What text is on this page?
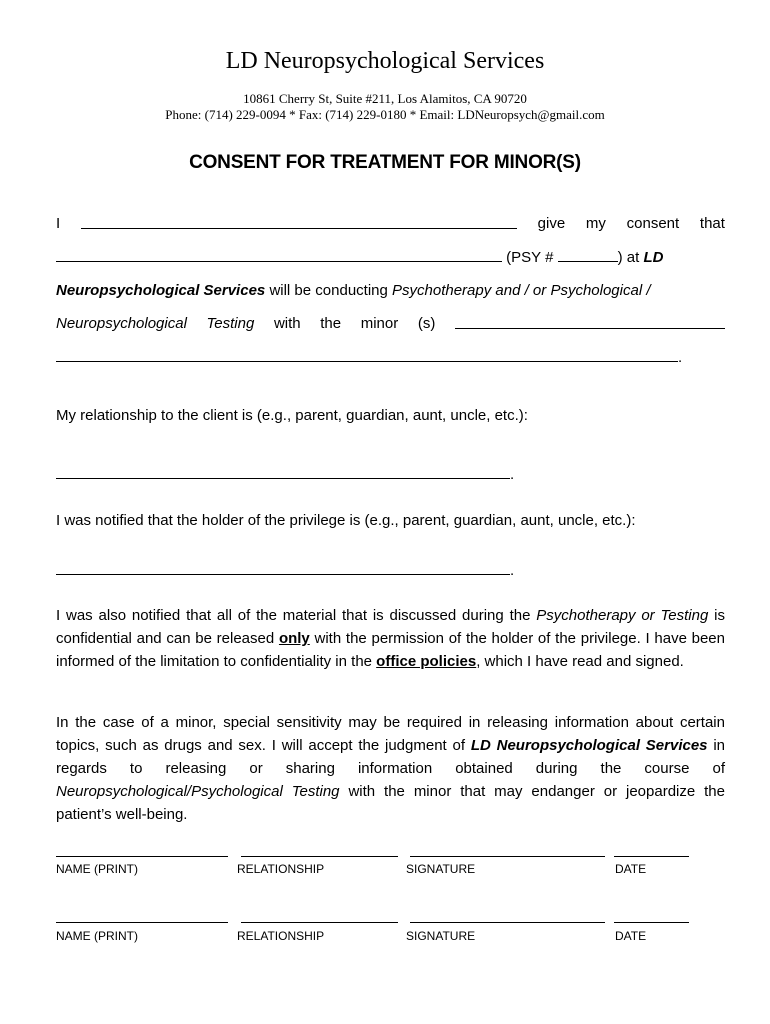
LD Neuropsychological Services
10861 Cherry St, Suite #211, Los Alamitos, CA 90720
Phone: (714) 229-0094 * Fax: (714) 229-0180 * Email: LDNeuropsych@gmail.com
CONSENT FOR TREATMENT FOR MINOR(S)
I	give my consent that
(PSY #	) at LD
Neuropsychological Services will be conducting Psychotherapy and / or Psychological /
Neuropsychological Testing with the minor (s)
.
My relationship to the client is (e.g., parent, guardian, aunt, uncle, etc.):
.
I was notified that the holder of the privilege is (e.g., parent, guardian, aunt, uncle, etc.):
.
I was also notified that all of the material that is discussed during the Psychotherapy or Testing is confidential and can be released only with the permission of the holder of the privilege. I have been informed of the limitation to confidentiality in the office policies, which I have read and signed.
In the case of a minor, special sensitivity may be required in releasing information about certain topics, such as drugs and sex. I will accept the judgment of LD Neuropsychological Services in regards to releasing or sharing information obtained during the course of Neuropsychological/Psychological Testing with the minor that may endanger or jeopardize the patient’s well-being.
NAME (PRINT)	RELATIONSHIP	SIGNATURE	DATE
NAME (PRINT)	RELATIONSHIP	SIGNATURE	DATE
